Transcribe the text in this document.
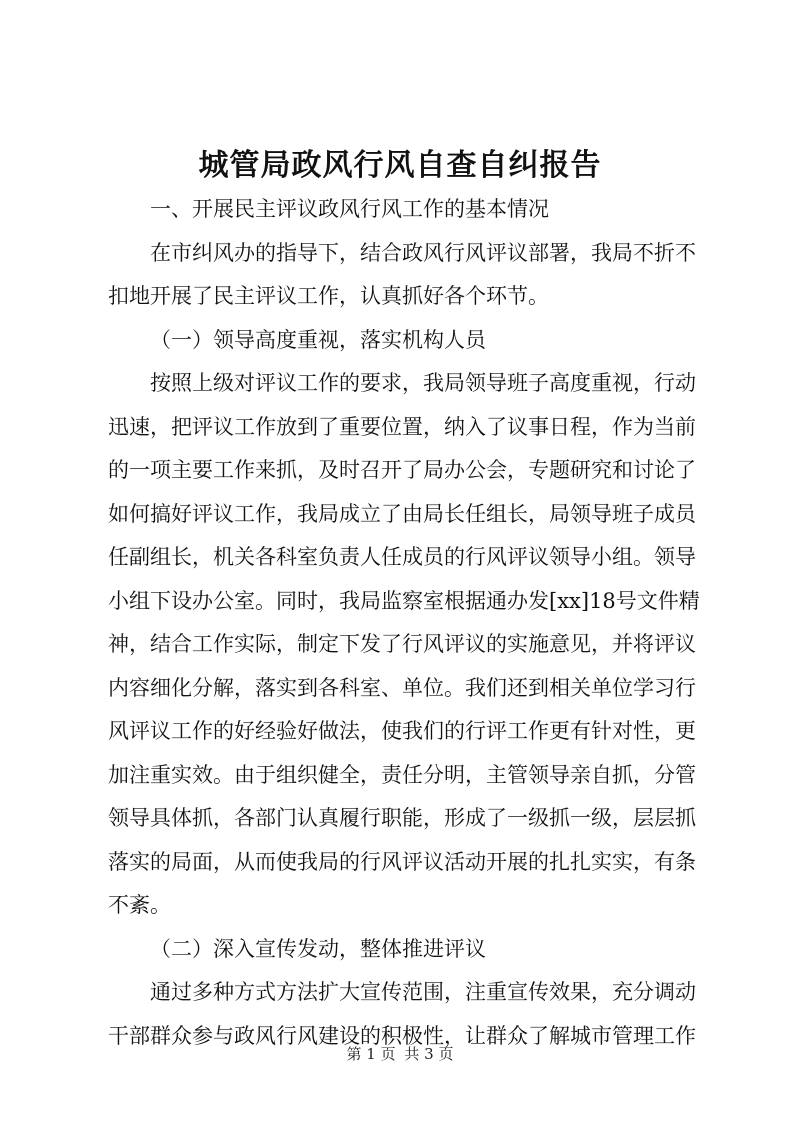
城管局政风行风自查自纠报告

一、开展民主评议政风行风工作的基本情况

在市纠风办的指导下，结合政风行风评议部署，我局不折不扣地开展了民主评议工作，认真抓好各个环节。

（一）领导高度重视，落实机构人员

按照上级对评议工作的要求，我局领导班子高度重视，行动迅速，把评议工作放到了重要位置，纳入了议事日程，作为当前的一项主要工作来抓，及时召开了局办公会，专题研究和讨论了如何搞好评议工作，我局成立了由局长任组长，局领导班子成员任副组长，机关各科室负责人任成员的行风评议领导小组。领导小组下设办公室。同时，我局监察室根据通办发[xx]18号文件精神，结合工作实际，制定下发了行风评议的实施意见，并将评议内容细化分解，落实到各科室、单位。我们还到相关单位学习行风评议工作的好经验好做法，使我们的行评工作更有针对性，更加注重实效。由于组织健全，责任分明，主管领导亲自抓，分管领导具体抓，各部门认真履行职能，形成了一级抓一级，层层抓落实的局面，从而使我局的行风评议活动开展的扎扎实实，有条不紊。

（二）深入宣传发动，整体推进评议

通过多种方式方法扩大宣传范围，注重宣传效果，充分调动干部群众参与政风行风建设的积极性，让群众了解城市管理工作

第 1 页 共 3 页
